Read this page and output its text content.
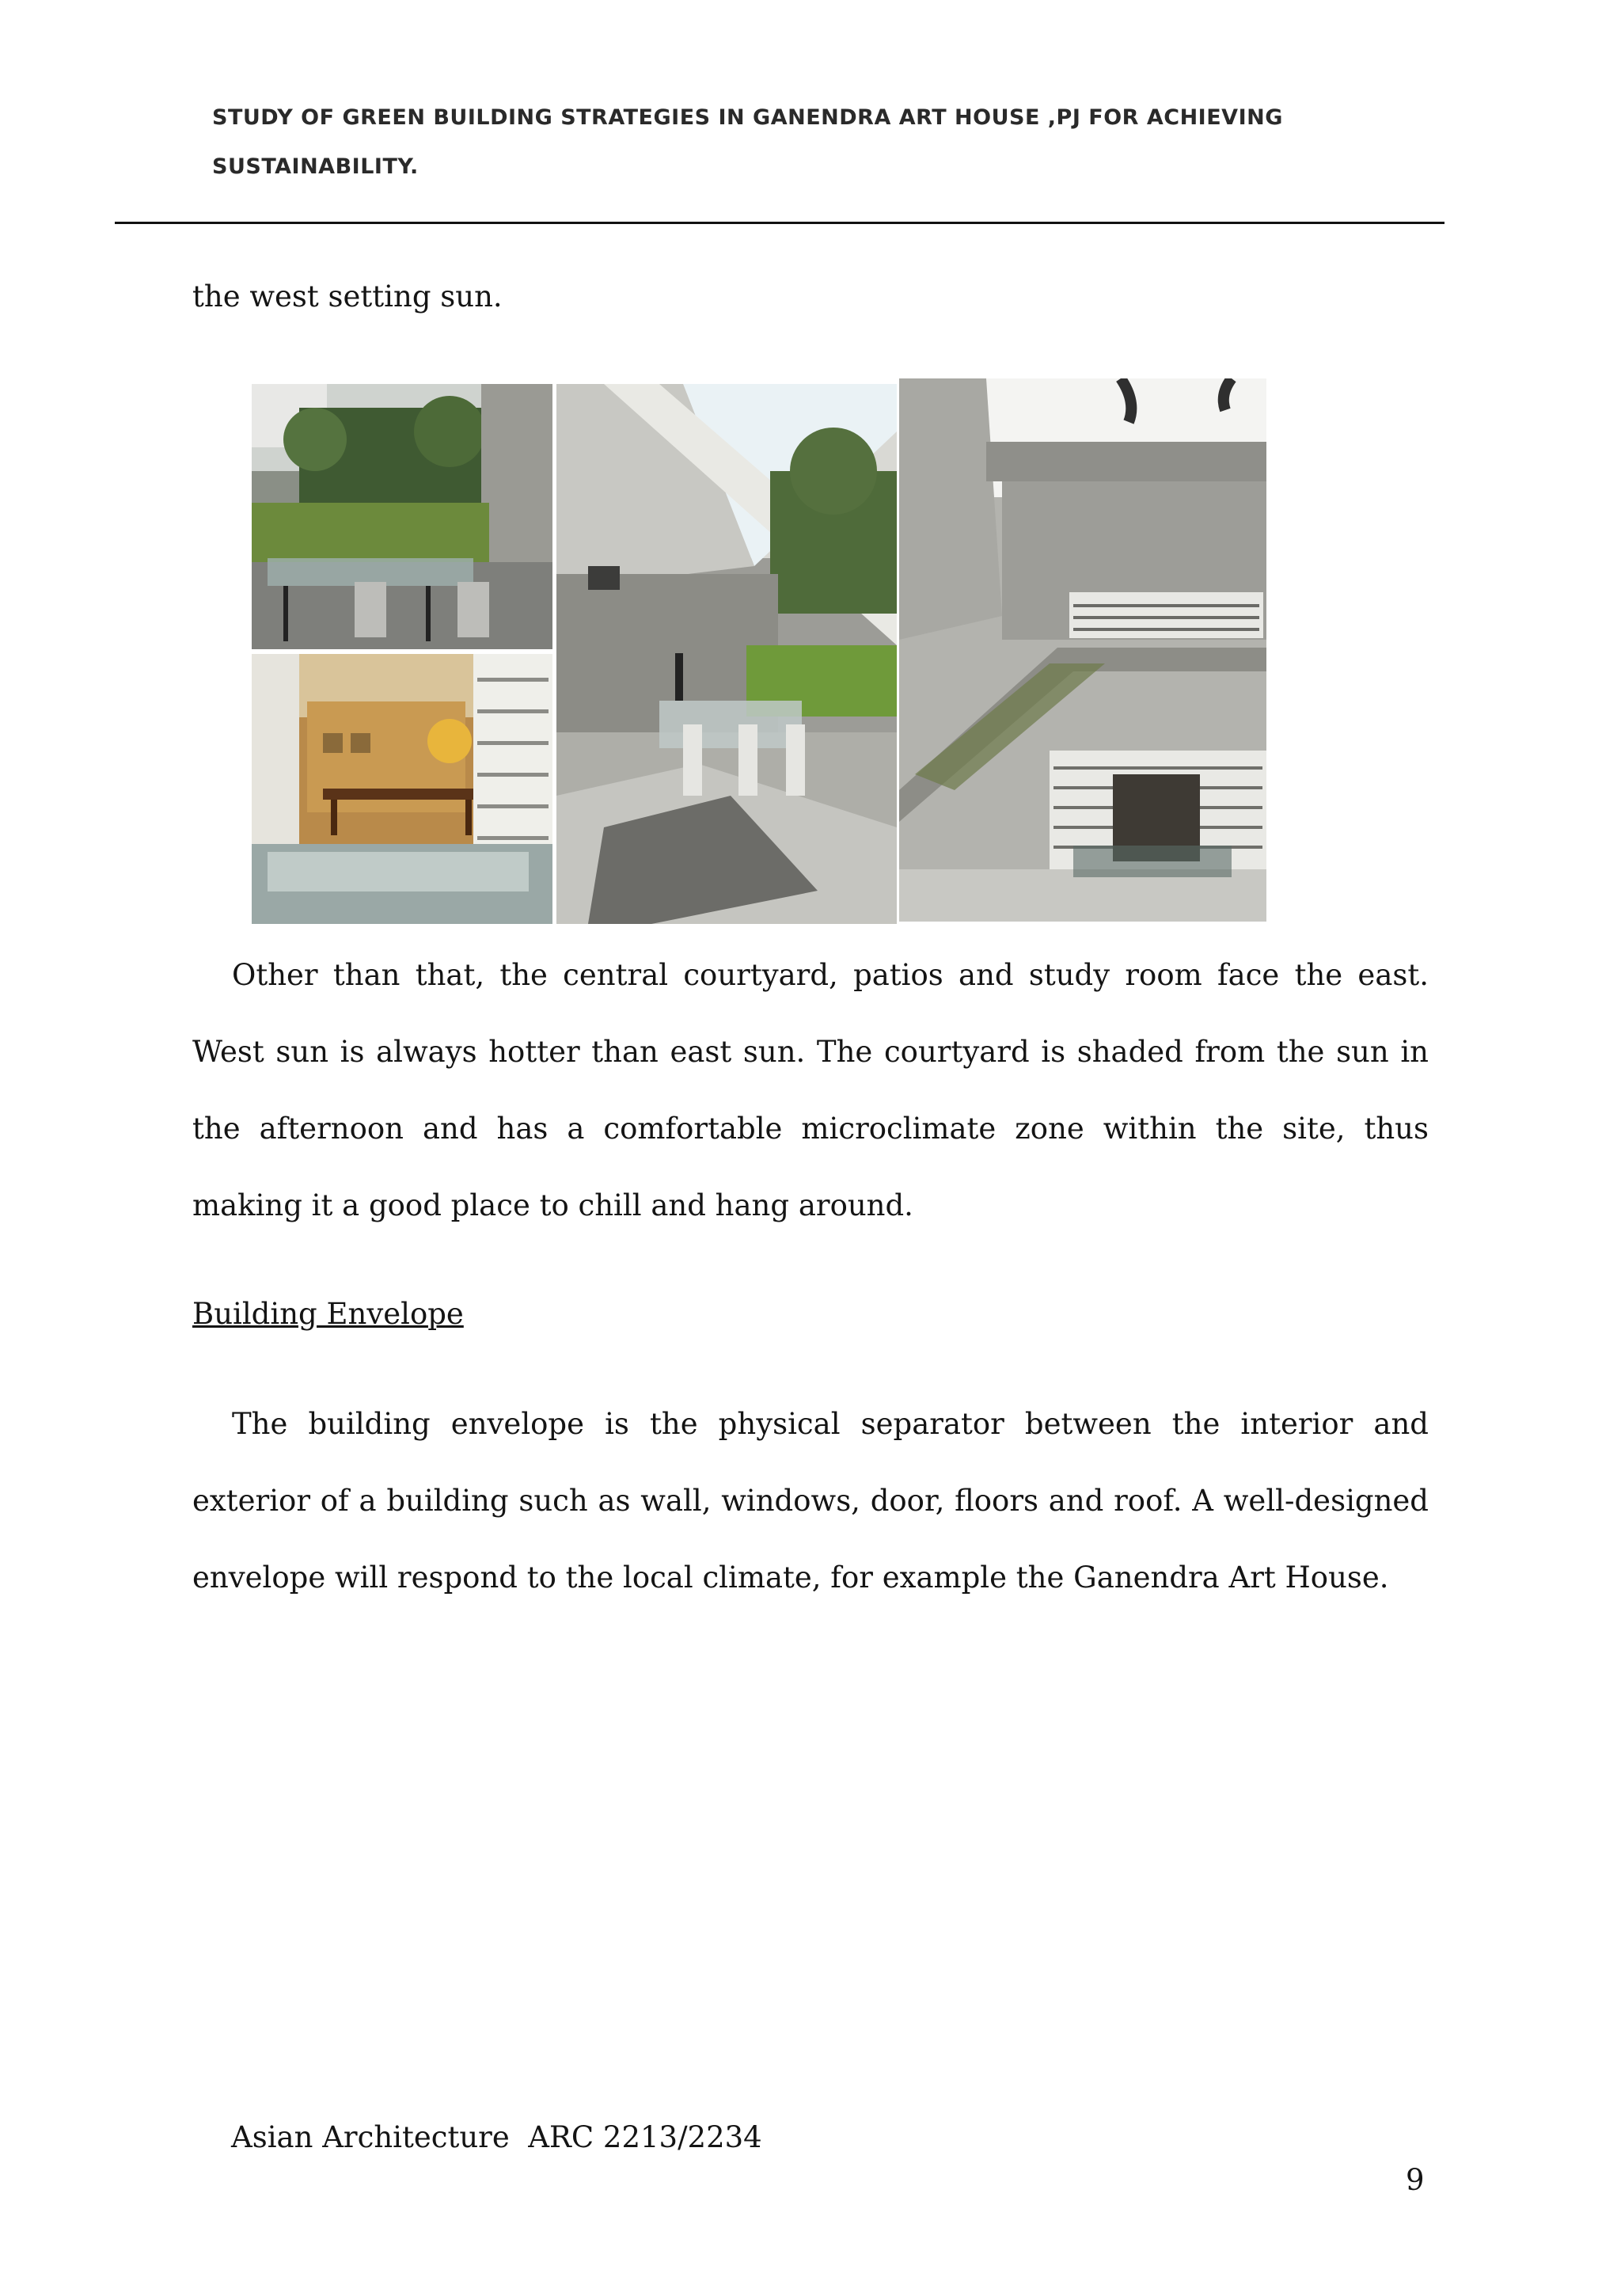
STUDY OF GREEN BUILDING STRATEGIES IN GANENDRA ART HOUSE ,PJ FOR ACHIEVING SUSTAINABILITY.

the west setting sun.

Other than that, the central courtyard, patios and study room face the east. West sun is always hotter than east sun. The courtyard is shaded from the sun in the afternoon and has a comfortable microclimate zone within the site, thus making it a good place to chill and hang around.

Building Envelope

The building envelope is the physical separator between the interior and exterior of a building such as wall, windows, door, floors and roof. A well-designed envelope will respond to the local climate, for example the Ganendra Art House.

Asian Architecture  ARC 2213/2234
9
